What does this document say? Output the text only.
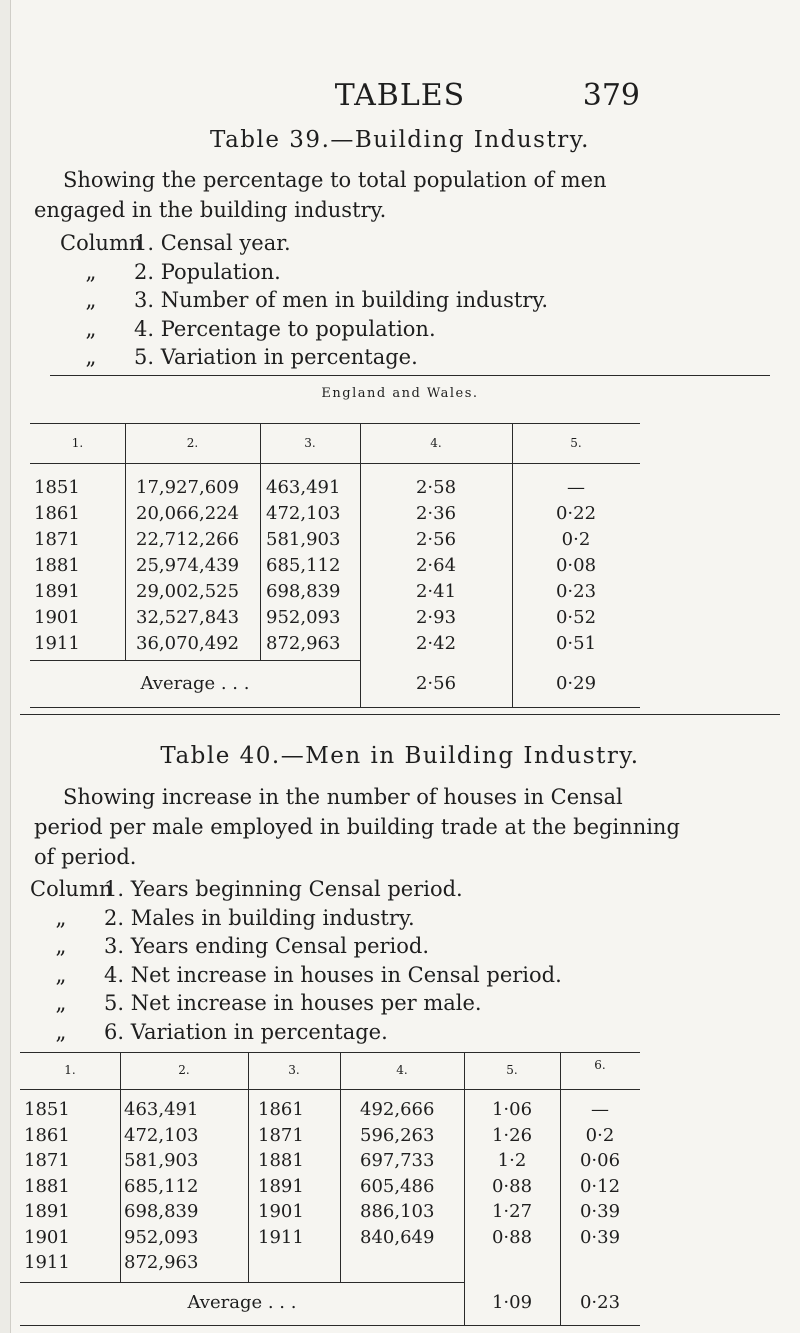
TABLES	379
Table 39.—Building Industry.
Showing the percentage to total population of men
engaged in the building industry.
Column
1. Censal year.
„	2. Population.
„	3. Number of men in building industry.
„	4. Percentage to population.
„	5. Variation in percentage.
England and Wales.
1.	2.	3.	4.	5.
Average . . .	2·56	0·29
1851	17,927,609 463,491	2·58	—
1861	20,066,224 472,103	2·36	0·22
1871	22,712,266 581,903	2·56	0·2
1881	25,974,439 685,112	2·64	0·08
1891	29,002,525 698,839	2·41	0·23
1901	32,527,843 952,093	2·93	0·52
1911	36,070,492 872,963	2·42	0·51
Table 40.—Men in Building Industry.
Showing increase in the number of houses in Censal
period per male employed in building trade at the beginning
of period.
Column
1. Years beginning Censal period.
„	2. Males in building industry.
„	3. Years ending Censal period.
„	4. Net increase in houses in Censal period.
„	5. Net increase in houses per male.
„	6. Variation in percentage.
1.	2.	3.	4.	5.	6.
Average . . .	1·09	0·23
1851	463,491	1861	492,666	1·06	—
1861	472,103	1871	596,263	1·26	0·2
1871	581,903	1881	697,733	1·2	0·06
1881	685,112	1891	605,486	0·88	0·12
1891	698,839	1901	886,103	1·27	0·39
1901	952,093	1911	840,649	0·88	0·39
1911	872,963
